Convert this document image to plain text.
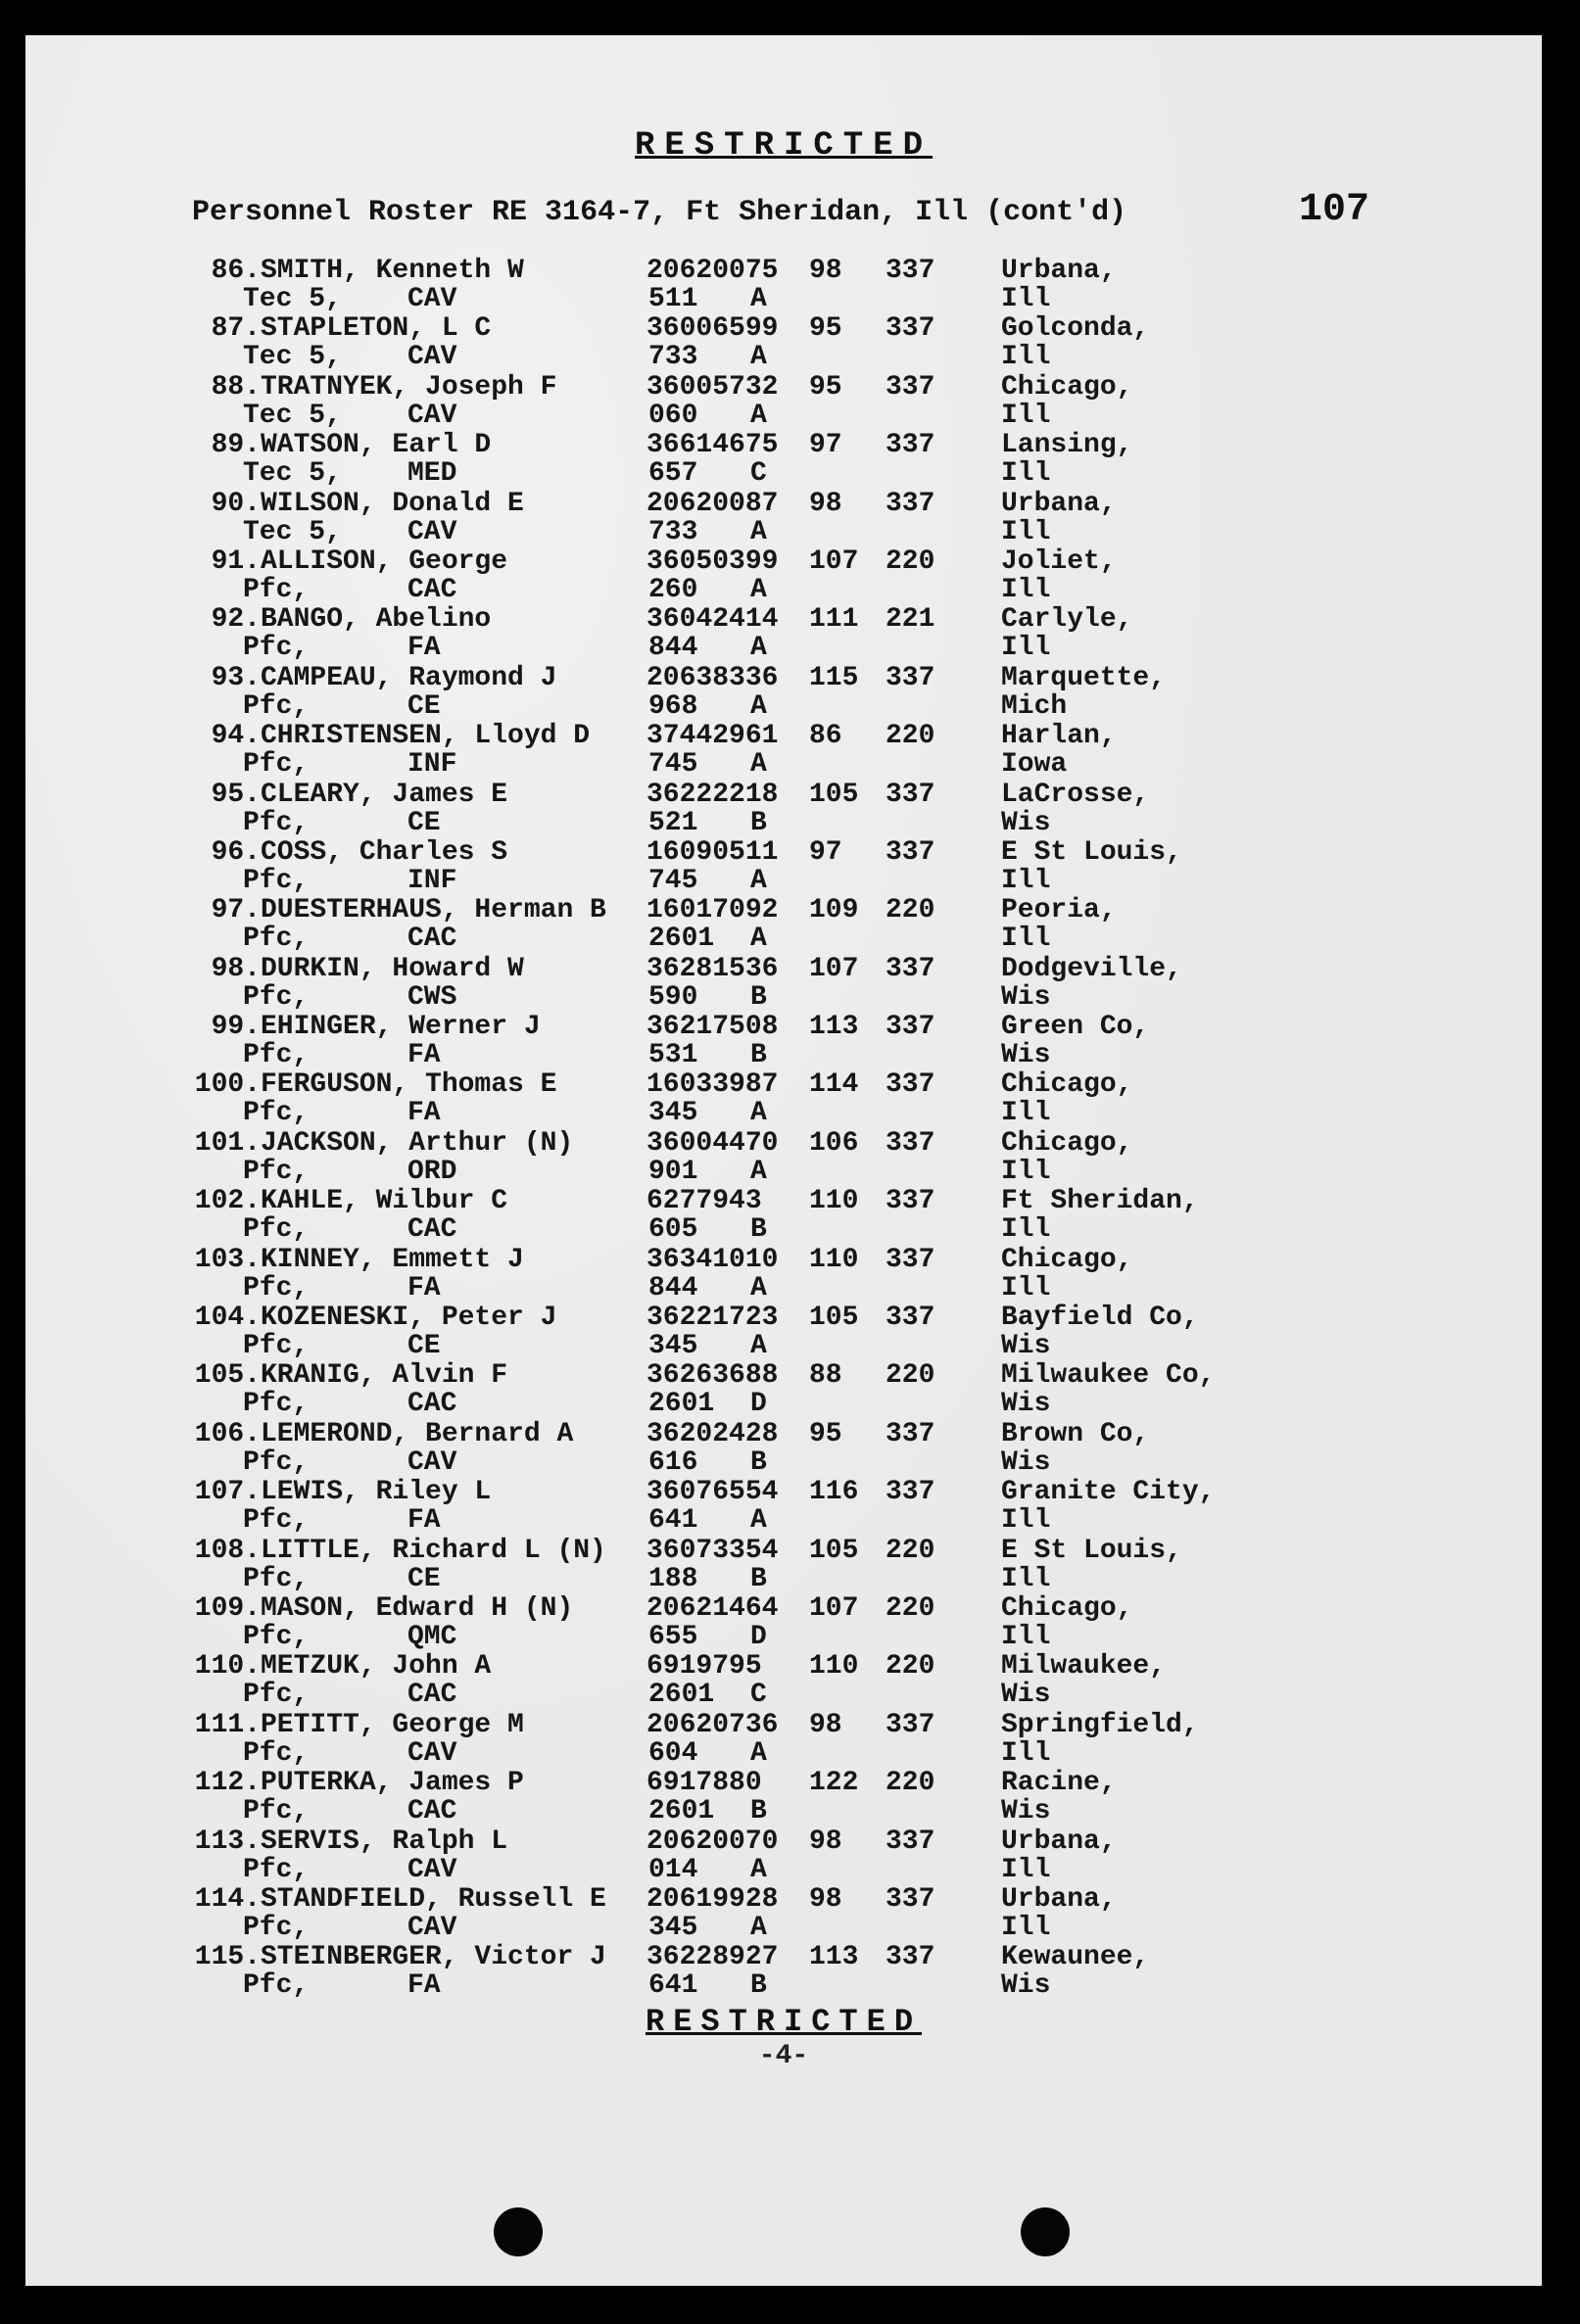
RESTRICTED
Personnel Roster RE 3164-7, Ft Sheridan, Ill (cont'd)	107
86. SMITH, Kenneth W	20620075 98 337 Urbana,
Tec 5, CAV	511 A	Ill
87. STAPLETON, L C	36006599 95 337 Golconda,
Tec 5, CAV	733 A	Ill
88. TRATNYEK, Joseph F	36005732 95 337 Chicago,
Tec 5, CAV	060 A	Ill
89. WATSON, Earl D	36614675 97 337 Lansing,
Tec 5, MED	657 C	Ill
90. WILSON, Donald E	20620087 98 337 Urbana,
Tec 5, CAV	733 A	Ill
91. ALLISON, George	36050399 107 220 Joliet,
Pfc,	CAC	260 A	Ill
92. BANGO, Abelino	36042414 111 221 Carlyle,
Pfc,	FA	844 A	Ill
93. CAMPEAU, Raymond J	20638336 115 337 Marquette,
Pfc,	CE	968 A	Mich
94. CHRISTENSEN, Lloyd D 37442961 86 220 Harlan,
Pfc,	INF	745 A	Iowa
95. CLEARY, James E	36222218 105 337 LaCrosse,
Pfc,	CE	521 B	Wis
96. COSS, Charles S	16090511 97 337 E St Louis,
Pfc,	INF	745 A	Ill
97. DUESTERHAUS, Herman B 16017092 109 220 Peoria,
Pfc,	CAC	2601 A	Ill
98. DURKIN, Howard W	36281536 107 337 Dodgeville,
Pfc,	CWS	590 B	Wis
99. EHINGER, Werner J	36217508 113 337 Green Co,
Pfc,	FA	531 B	Wis
100. FERGUSON, Thomas E	16033987 114 337 Chicago,
Pfc,	FA	345 A	Ill
101. JACKSON, Arthur (N)	36004470 106 337 Chicago,
Pfc,	ORD	901 A	Ill
102. KAHLE, Wilbur C	6277943 110 337 Ft Sheridan,
Pfc,	CAC	605 B	Ill
103. KINNEY, Emmett J	36341010 110 337 Chicago,
Pfc,	FA	844 A	Ill
104. KOZENESKI, Peter J	36221723 105 337 Bayfield Co,
Pfc,	CE	345 A	Wis
105. KRANIG, Alvin F	36263688 88 220 Milwaukee Co,
Pfc,	CAC	2601 D	Wis
106. LEMEROND, Bernard A	36202428 95 337 Brown Co,
Pfc,	CAV	616 B	Wis
107. LEWIS, Riley L	36076554 116 337 Granite City,
Pfc,	FA	641 A	Ill
108. LITTLE, Richard L (N) 36073354 105 220 E St Louis,
Pfc,	CE	188 B	Ill
109. MASON, Edward H (N)	20621464 107 220 Chicago,
Pfc,	QMC	655 D	Ill
110. METZUK, John A	6919795 110 220 Milwaukee,
Pfc,	CAC	2601 C	Wis
111. PETITT, George M	20620736 98 337 Springfield,
Pfc,	CAV	604 A	Ill
112. PUTERKA, James P	6917880 122 220 Racine,
Pfc,	CAC	2601 B	Wis
113. SERVIS, Ralph L	20620070 98 337 Urbana,
Pfc,	CAV	014 A	Ill
114. STANDFIELD, Russell E 20619928 98 337 Urbana,
Pfc,	CAV	345 A	Ill
115. STEINBERGER, Victor J 36228927 113 337 Kewaunee,
Pfc,	FA	641 B	Wis
RESTRICTED
-4-
